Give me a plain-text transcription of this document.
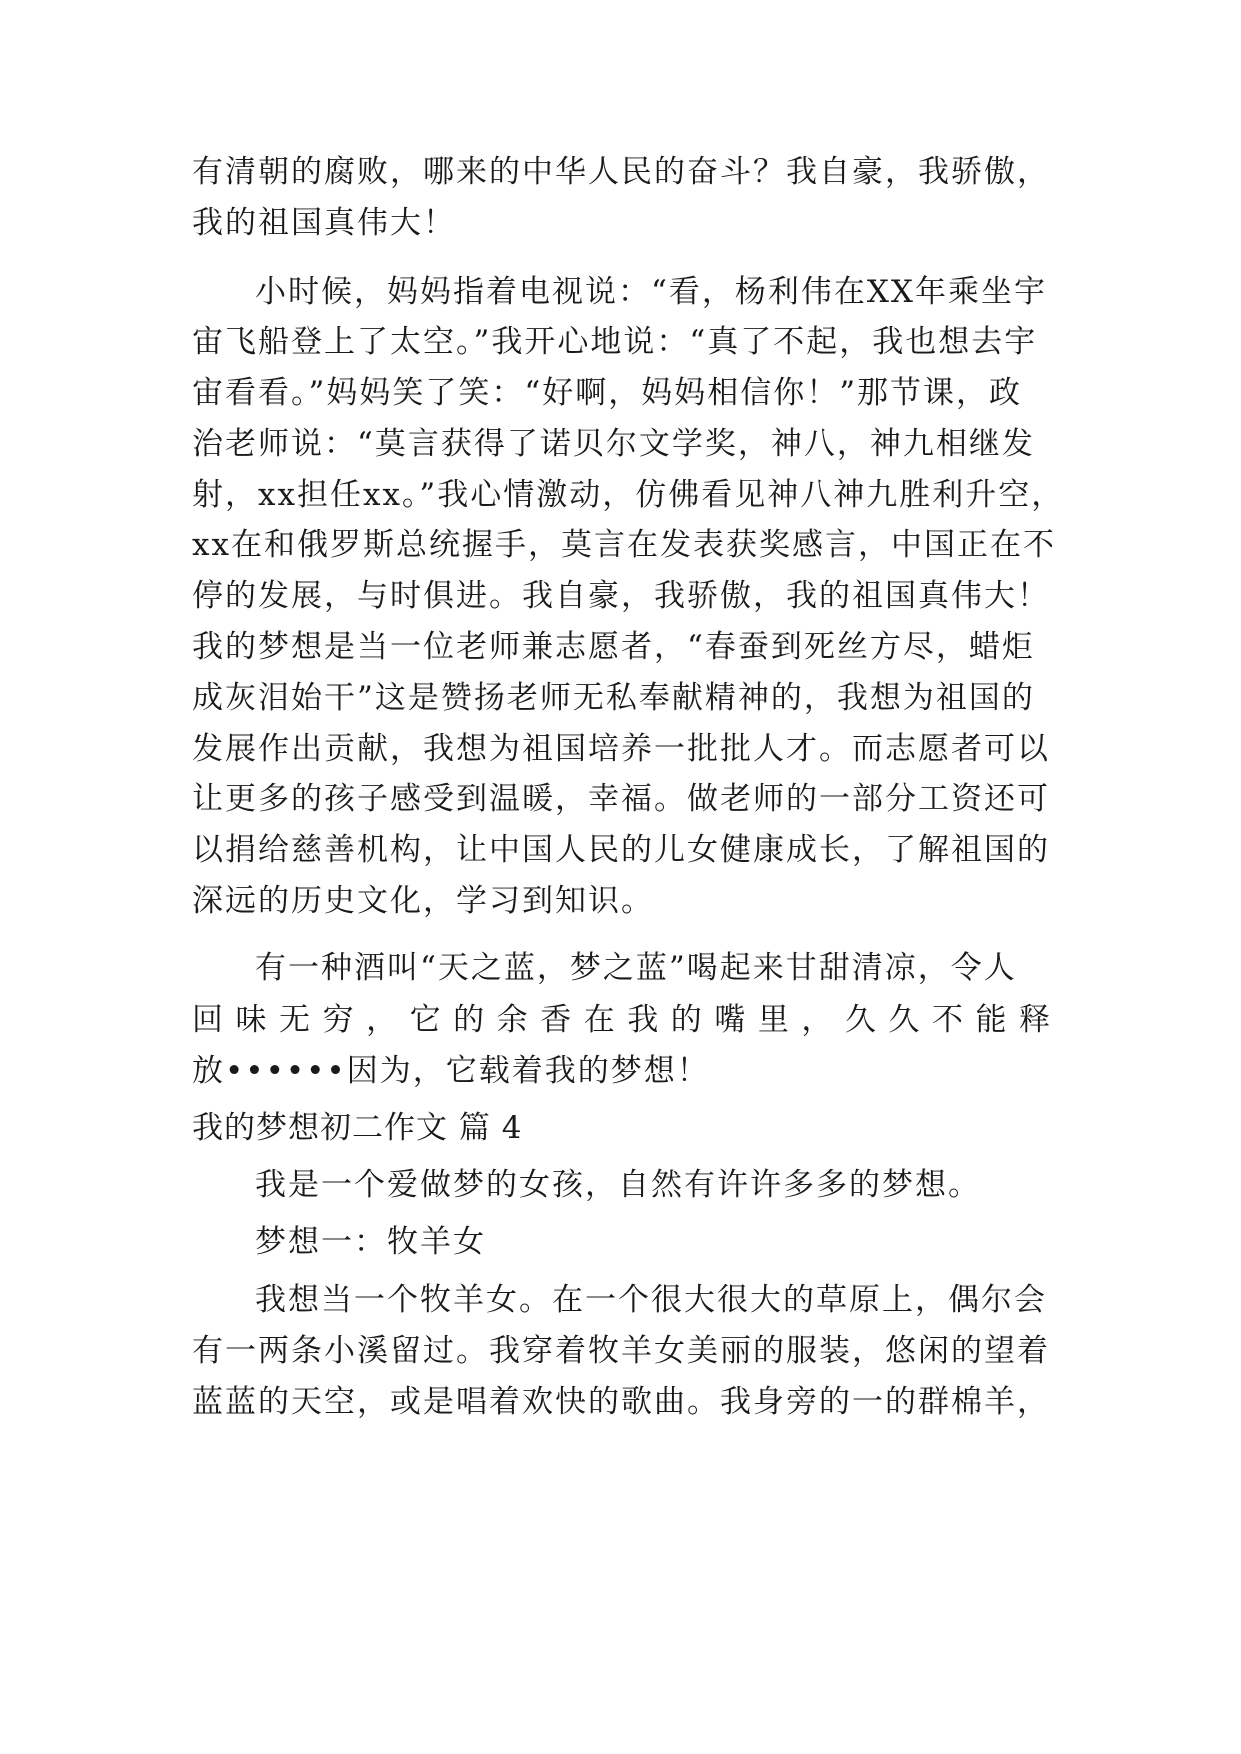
有清朝的腐败，哪来的中华人民的奋斗？我自豪，我骄傲，
我的祖国真伟大！
小时候，妈妈指着电视说：“看，杨利伟在XX年乘坐宇
宙飞船登上了太空。”我开心地说：“真了不起，我也想去宇
宙看看。”妈妈笑了笑：“好啊，妈妈相信你！”那节课，政
治老师说：“莫言获得了诺贝尔文学奖，神八，神九相继发
射，xx担任xx。”我心情激动，仿佛看见神八神九胜利升空，
xx在和俄罗斯总统握手，莫言在发表获奖感言，中国正在不
停的发展，与时俱进。我自豪，我骄傲，我的祖国真伟大！
我的梦想是当一位老师兼志愿者，“春蚕到死丝方尽，蜡炬
成灰泪始干”这是赞扬老师无私奉献精神的，我想为祖国的
发展作出贡献，我想为祖国培养一批批人才。而志愿者可以
让更多的孩子感受到温暖，幸福。做老师的一部分工资还可
以捐给慈善机构，让中国人民的儿女健康成长，了解祖国的
深远的历史文化，学习到知识。
有一种酒叫“天之蓝，梦之蓝”喝起来甘甜清凉，令人
回味无穷，它的余香在我的嘴里，久久不能释
放••••••因为，它载着我的梦想！
我的梦想初二作文 篇 4
我是一个爱做梦的女孩，自然有许许多多的梦想。
梦想一：牧羊女
我想当一个牧羊女。在一个很大很大的草原上，偶尔会
有一两条小溪留过。我穿着牧羊女美丽的服装，悠闲的望着
蓝蓝的天空，或是唱着欢快的歌曲。我身旁的一的群棉羊，
